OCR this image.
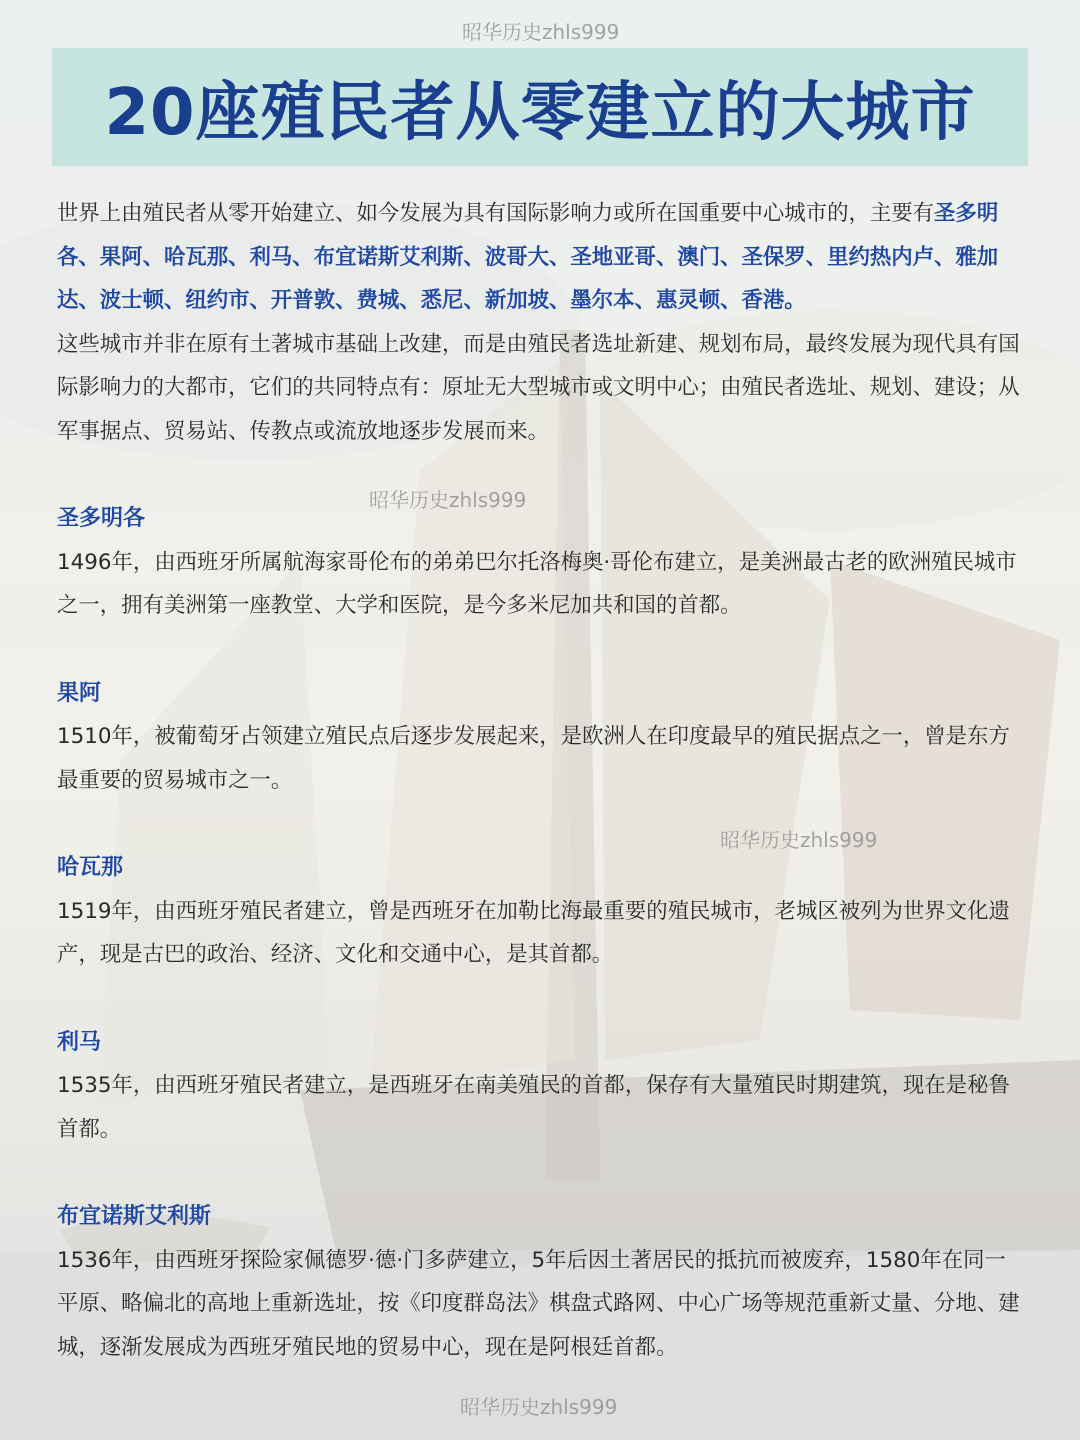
昭华历史zhls999
昭华历史zhls999
昭华历史zhls999
昭华历史zhls999
20座殖民者从零建立的大城市

世界上由殖民者从零开始建立、如今发展为具有国际影响力或所在国重要中心城市的，主要有圣多明各、果阿、哈瓦那、利马、布宜诺斯艾利斯、波哥大、圣地亚哥、澳门、圣保罗、里约热内卢、雅加达、波士顿、纽约市、开普敦、费城、悉尼、新加坡、墨尔本、惠灵顿、香港。

这些城市并非在原有土著城市基础上改建，而是由殖民者选址新建、规划布局，最终发展为现代具有国际影响力的大都市，它们的共同特点有：原址无大型城市或文明中心；由殖民者选址、规划、建设；从军事据点、贸易站、传教点或流放地逐步发展而来。

圣多明各

1496年，由西班牙所属航海家哥伦布的弟弟巴尔托洛梅奥·哥伦布建立，是美洲最古老的欧洲殖民城市之一，拥有美洲第一座教堂、大学和医院，是今多米尼加共和国的首都。

果阿

1510年，被葡萄牙占领建立殖民点后逐步发展起来，是欧洲人在印度最早的殖民据点之一，曾是东方最重要的贸易城市之一。

哈瓦那

1519年，由西班牙殖民者建立，曾是西班牙在加勒比海最重要的殖民城市，老城区被列为世界文化遗产，现是古巴的政治、经济、文化和交通中心，是其首都。

利马

1535年，由西班牙殖民者建立，是西班牙在南美殖民的首都，保存有大量殖民时期建筑，现在是秘鲁首都。

布宜诺斯艾利斯

1536年，由西班牙探险家佩德罗·德·门多萨建立，5年后因土著居民的抵抗而被废弃，1580年在同一平原、略偏北的高地上重新选址，按《印度群岛法》棋盘式路网、中心广场等规范重新丈量、分地、建城，逐渐发展成为西班牙殖民地的贸易中心，现在是阿根廷首都。
